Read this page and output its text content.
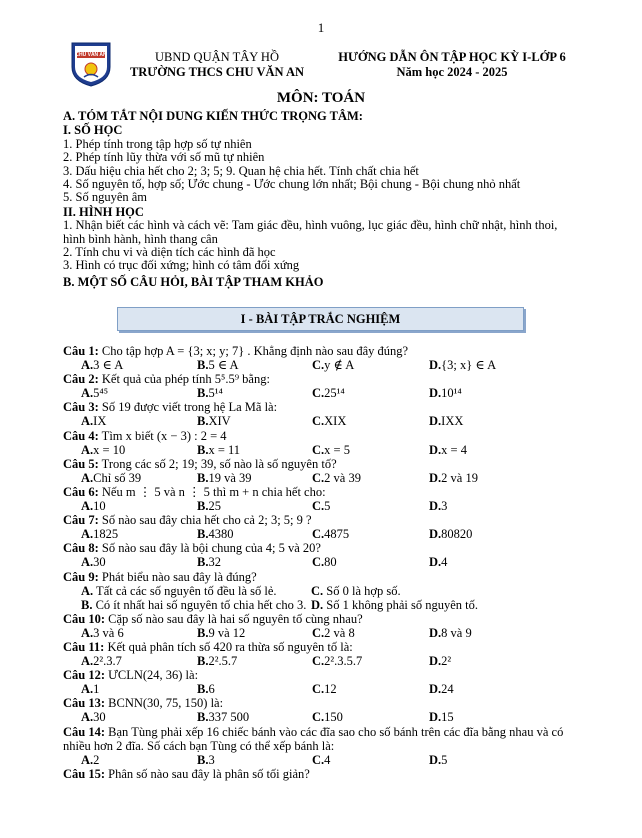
1
CHU VĂN AN	UBND QUẬN TÂY HỒ
TRƯỜNG THCS CHU VĂN AN
HƯỚNG DẪN ÔN TẬP HỌC KỲ I-LỚP 6
Năm học 2024 - 2025
MÔN: TOÁN
A. TÓM TẮT NỘI DUNG KIẾN THỨC TRỌNG TÂM:
I. SỐ HỌC
1. Phép tính trong tập hợp số tự nhiên
2. Phép tính lũy thừa với số mũ tự nhiên
3. Dấu hiệu chia hết cho 2; 3; 5; 9. Quan hệ chia hết. Tính chất chia hết
4. Số nguyên tố, hợp số; Ước chung - Ước chung lớn nhất; Bội chung - Bội chung nhỏ nhất
5. Số nguyên âm
II. HÌNH HỌC
1. Nhận biết các hình và cách vẽ: Tam giác đều, hình vuông, lục giác đều, hình chữ nhật, hình thoi, hình bình hành, hình thang cân
2. Tính chu vi và diện tích các hình đã học
3. Hình có trục đối xứng; hình có tâm đối xứng
B. MỘT SỐ CÂU HỎI, BÀI TẬP THAM KHẢO
I - BÀI TẬP TRẮC NGHIỆM
Câu 1: Cho tập hợp A = {3; x; y; 7} . Khẳng định nào sau đây đúng?
A.3 ∈ A	B.5 ∈ A	C.y ∉ A	D.{3; x} ∈ A
Câu 2: Kết quả của phép tính 5⁵.5⁹ bằng:
A.5⁴⁵	B.5¹⁴	C.25¹⁴	D.10¹⁴
Câu 3: Số 19 được viết trong hệ La Mã là:
A.IX	B.XIV	C.XIX	D.IXX
Câu 4: Tìm x biết (x − 3) : 2 = 4
A.x = 10	B.x = 11	C.x = 5	D.x = 4
Câu 5: Trong các số 2; 19; 39, số nào là số nguyên tố?
A.Chỉ số 39	B.19 và 39	C.2 và 39	D.2 và 19
Câu 6: Nếu m ⋮ 5 và n ⋮ 5 thì m + n chia hết cho:
A.10	B.25	C.5	D.3
Câu 7: Số nào sau đây chia hết cho cả 2; 3; 5; 9 ?
A.1825	B.4380	C.4875	D.80820
Câu 8: Số nào sau đây là bội chung của 4; 5 và 20?
A.30	B.32	C.80	D.4
Câu 9: Phát biểu nào sau đây là đúng?
A. Tất cả các số nguyên tố đều là số lẻ.	C. Số 0 là hợp số.
B. Có ít nhất hai số nguyên tố chia hết cho 3. D. Số 1 không phải số nguyên tố.
Câu 10: Cặp số nào sau đây là hai số nguyên tố cùng nhau?
A.3 và 6	B.9 và 12	C.2 và 8	D.8 và 9
Câu 11: Kết quả phân tích số 420 ra thừa số nguyên tố là:
A.2².3.7	B.2².5.7	C.2².3.5.7	D.2²
Câu 12: ƯCLN(24, 36) là:
A.1	B.6	C.12	D.24
Câu 13: BCNN(30, 75, 150) là:
A.30	B.337 500	C.150	D.15
Câu 14: Bạn Tùng phải xếp 16 chiếc bánh vào các đĩa sao cho số bánh trên các đĩa bằng nhau và có nhiều hơn 2 đĩa. Số cách bạn Tùng có thể xếp bánh là:
A.2	B.3	C.4	D.5
Câu 15: Phân số nào sau đây là phân số tối giản?
